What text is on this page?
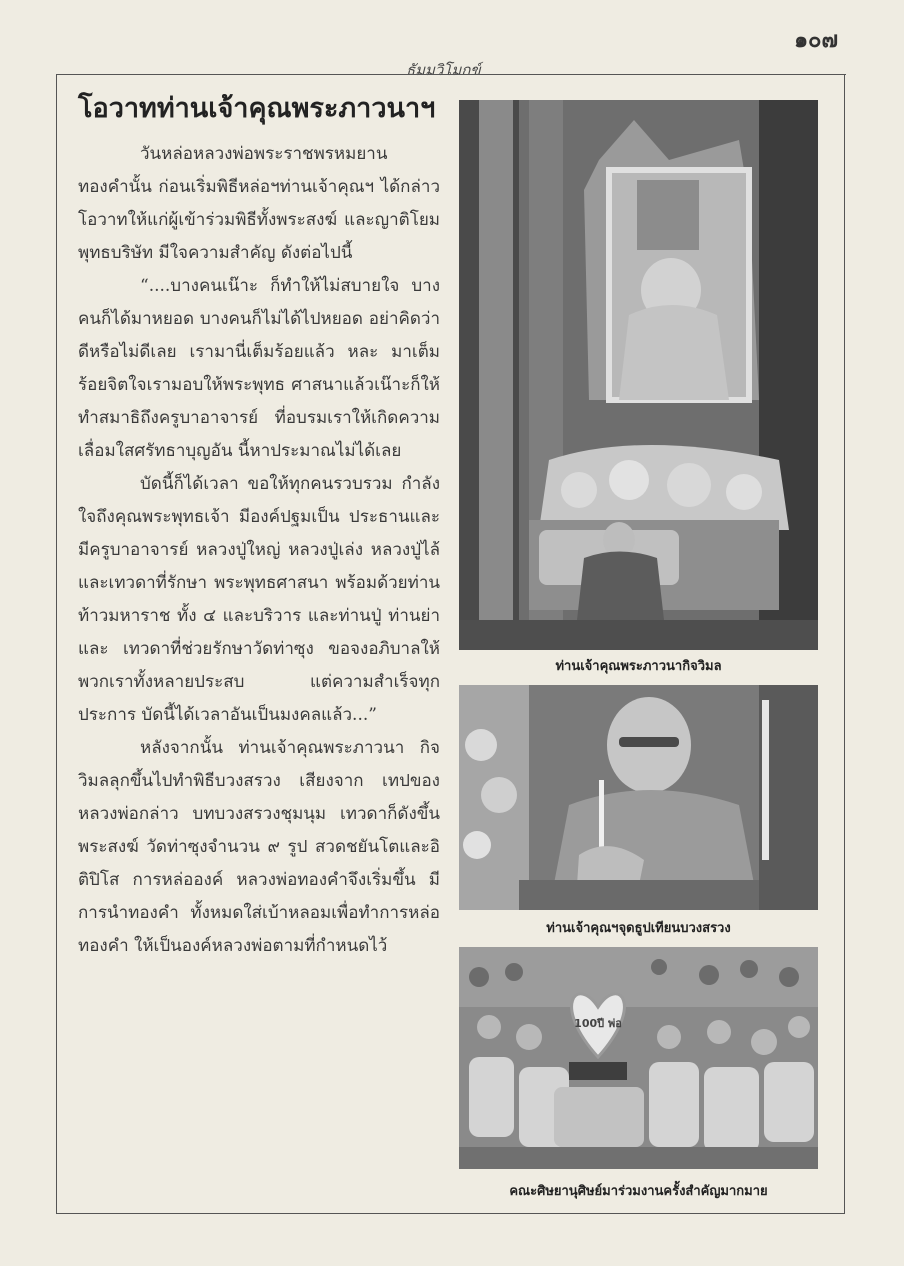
๑๐๗
ธัมมวิโมกข์
โอวาทท่านเจ้าคุณพระภาวนาฯ

วันหล่อหลวงพ่อพระราชพรหมยาน ทองคำนั้น ก่อนเริ่มพิธีหล่อฯท่านเจ้าคุณฯ ได้กล่าวโอวาทให้แก่ผู้เข้าร่วมพิธีทั้งพระสงฆ์ และญาติโยมพุทธบริษัท มีใจความสำคัญ ดังต่อไปนี้

“....บางคนเน๊าะ ก็ทำให้ไม่สบายใจ บางคนก็ได้มาหยอด บางคนก็ไม่ได้ไปหยอด อย่าคิดว่าดีหรือไม่ดีเลย เรามานี่เต็มร้อยแล้ว หละ มาเต็มร้อยจิตใจเรามอบให้พระพุทธ ศาสนาแล้วเน๊าะก็ให้ทำสมาธิถึงครูบาอาจารย์ ที่อบรมเราให้เกิดความเลื่อมใสศรัทธาบุญอัน นี้หาประมาณไม่ได้เลย

บัดนี้ก็ได้เวลา ขอให้ทุกคนรวบรวม กำลังใจถึงคุณพระพุทธเจ้า มีองค์ปฐมเป็น ประธานและมีครูบาอาจารย์ หลวงปู่ใหญ่ หลวงปู่เล่ง หลวงปู่ไล้ และเทวดาที่รักษา พระพุทธศาสนา พร้อมด้วยท่านท้าวมหาราช ทั้ง ๔ และบริวาร และท่านปู่ ท่านย่าและ เทวดาที่ช่วยรักษาวัดท่าซุง ขอจงอภิบาลให้ พวกเราทั้งหลายประสบ แต่ความสำเร็จทุก ประการ บัดนี้ได้เวลาอันเป็นมงคลแล้ว...”

หลังจากนั้น ท่านเจ้าคุณพระภาวนา กิจวิมลลุกขึ้นไปทำพิธีบวงสรวง เสียงจาก เทปของหลวงพ่อกล่าว บทบวงสรวงชุมนุม เทวดาก็ดังขึ้น พระสงฆ์ วัดท่าซุงจำนวน ๙ รูป สวดชยันโตและอิติปิโส การหล่อองค์ หลวงพ่อทองคำจึงเริ่มขึ้น มีการนำทองคำ ทั้งหมดใส่เบ้าหลอมเพื่อทำการหล่อทองคำ ให้เป็นองค์หลวงพ่อตามที่กำหนดไว้

ท่านเจ้าคุณพระภาวนากิจวิมล
ท่านเจ้าคุณฯจุดธูปเทียนบวงสรวง
100ปี พ่อ
คณะศิษยานุศิษย์มาร่วมงานครั้งสำคัญมากมาย
